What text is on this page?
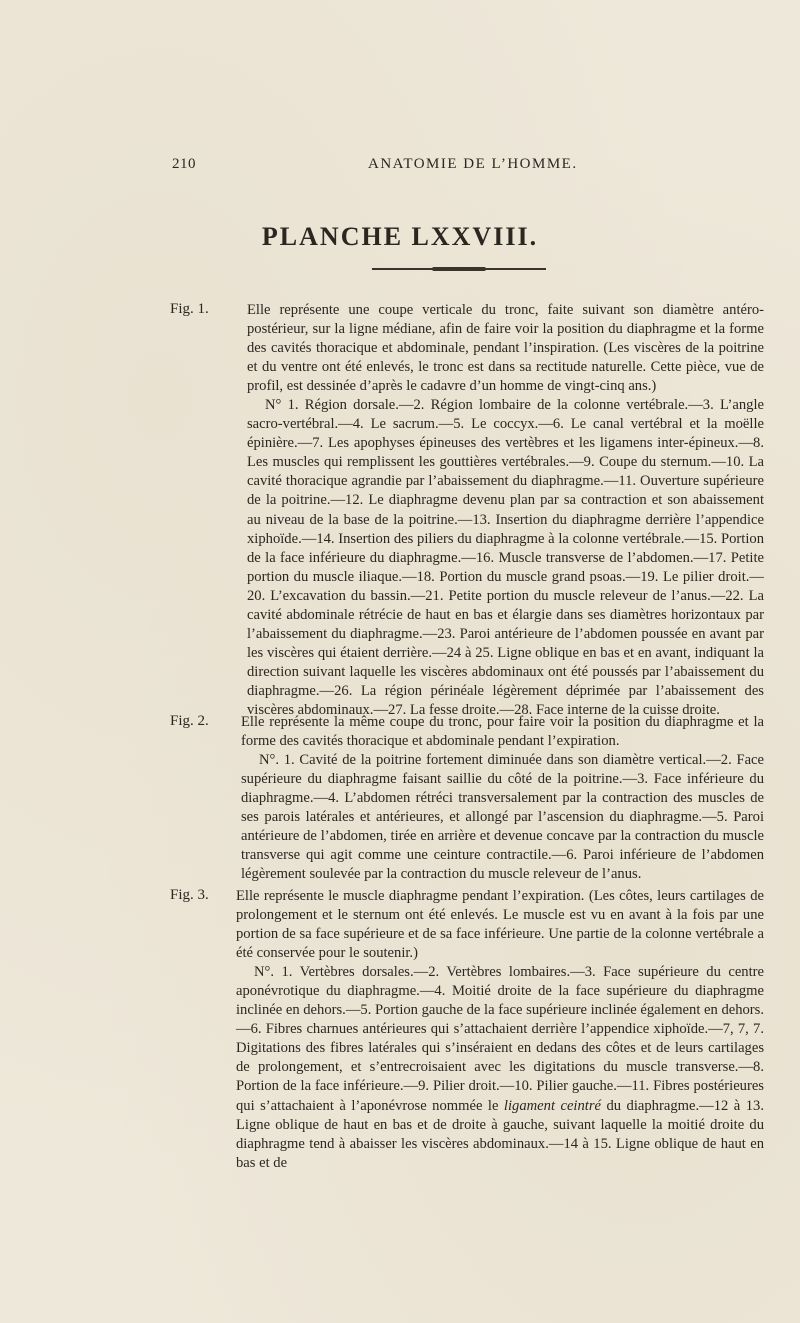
210	ANATOMIE DE L’HOMME.
PLANCHE LXXVIII.
Fig. 1.	Elle représente une coupe verticale du tronc, faite suivant son diamètre antéro-postérieur, sur la ligne médiane, afin de faire voir la position du diaphragme et la forme des cavités thoracique et abdominale, pendant l’inspiration. (Les viscères de la poitrine et du ventre ont été enlevés, le tronc est dans sa rectitude naturelle. Cette pièce, vue de profil, est dessinée d’après le cadavre d’un homme de vingt-cinq ans.)

N° 1. Région dorsale.—2. Région lombaire de la colonne vertébrale.—3. L’angle sacro-vertébral.—4. Le sacrum.—5. Le coccyx.—6. Le canal vertébral et la moëlle épinière.—7. Les apophyses épineuses des vertèbres et les ligamens inter-épineux.—8. Les muscles qui remplissent les gouttières vertébrales.—9. Coupe du sternum.—10. La cavité thoracique agrandie par l’abaissement du diaphragme.—11. Ouverture supérieure de la poitrine.—12. Le diaphragme devenu plan par sa contraction et son abaissement au niveau de la base de la poitrine.—13. Insertion du diaphragme derrière l’appendice xiphoïde.—14. Insertion des piliers du diaphragme à la colonne vertébrale.—15. Portion de la face inférieure du diaphragme.—16. Muscle transverse de l’abdomen.—17. Petite portion du muscle iliaque.—18. Portion du muscle grand psoas.—19. Le pilier droit.—20. L’excavation du bassin.—21. Petite portion du muscle releveur de l’anus.—22. La cavité abdominale rétrécie de haut en bas et élargie dans ses diamètres horizontaux par l’abaissement du diaphragme.—23. Paroi antérieure de l’abdomen poussée en avant par les viscères qui étaient derrière.—24 à 25. Ligne oblique en bas et en avant, indiquant la direction suivant laquelle les viscères abdominaux ont été poussés par l’abaissement du diaphragme.—26. La région périnéale légèrement déprimée par l’abaissement des viscères abdominaux.—27. La fesse droite.—28. Face interne de la cuisse droite.

Fig. 2. Elle représente la même coupe du tronc, pour faire voir la position du diaphragme et la forme des cavités thoracique et abdominale pendant l’expiration.

N°. 1. Cavité de la poitrine fortement diminuée dans son diamètre vertical.—2. Face supérieure du diaphragme faisant saillie du côté de la poitrine.—3. Face inférieure du diaphragme.—4. L’abdomen rétréci transversalement par la contraction des muscles de ses parois latérales et antérieures, et allongé par l’ascension du diaphragme.—5. Paroi antérieure de l’abdomen, tirée en arrière et devenue concave par la contraction du muscle transverse qui agit comme une ceinture contractile.—6. Paroi inférieure de l’abdomen légèrement soulevée par la contraction du muscle releveur de l’anus.

Fig. 3. Elle représente le muscle diaphragme pendant l’expiration. (Les côtes, leurs cartilages de prolongement et le sternum ont été enlevés. Le muscle est vu en avant à la fois par une portion de sa face supérieure et de sa face inférieure. Une partie de la colonne vertébrale a été conservée pour le soutenir.)

N°. 1. Vertèbres dorsales.—2. Vertèbres lombaires.—3. Face supérieure du centre aponévrotique du diaphragme.—4. Moitié droite de la face supérieure du diaphragme inclinée en dehors.—5. Portion gauche de la face supérieure inclinée également en dehors.—6. Fibres charnues antérieures qui s’attachaient derrière l’appendice xiphoïde.—7, 7, 7. Digitations des fibres latérales qui s’inséraient en dedans des côtes et de leurs cartilages de prolongement, et s’entrecroisaient avec les digitations du muscle transverse.—8. Portion de la face inférieure.—9. Pilier droit.—10. Pilier gauche.—11. Fibres postérieures qui s’attachaient à l’aponévrose nommée le ligament ceintré du diaphragme.—12 à 13. Ligne oblique de haut en bas et de droite à gauche, suivant laquelle la moitié droite du diaphragme tend à abaisser les viscères abdominaux.—14 à 15. Ligne oblique de haut en bas et de
